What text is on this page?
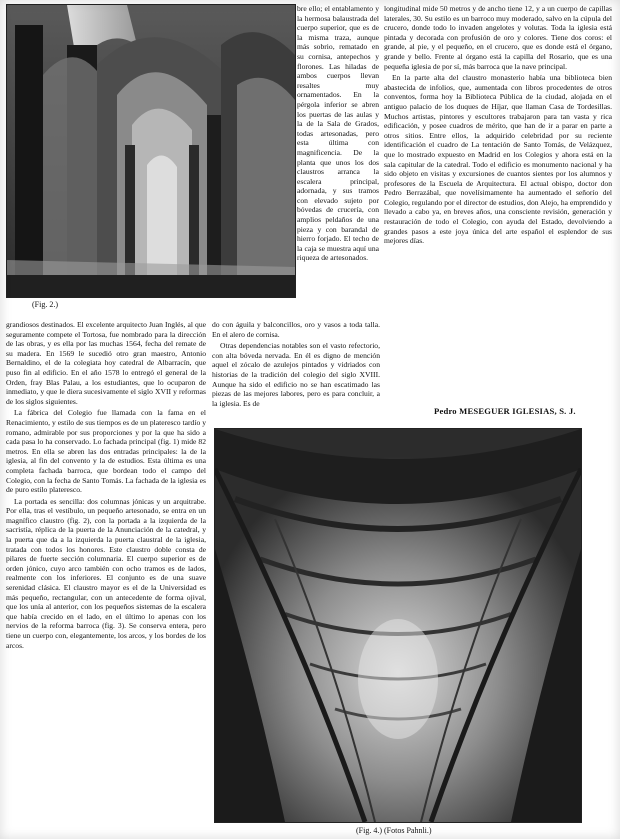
(Fig. 2.)

bre ello; el entablamento y la hermosa balaustrada del cuerpo superior, que es de la misma traza, aunque más sobrio, rematado en su cornisa, antepechos y florones. Las hiladas de ambos cuerpos llevan resaltes muy ornamentados. En la pérgola inferior se abren los puertas de las aulas y la de la Sala de Grados, todas artesonadas, pero esta última con magnificencia. De la planta que unos los dos claustros arranca la escalera principal, adornada, y sus tramos con elevado sujeto por bóvedas de crucería, con amplios peldaños de una pieza y con barandal de hierro forjado. El techo de la caja se muestra aquí una riqueza de artesonados.

longitudinal mide 50 metros y de ancho tiene 12, y a un cuerpo de capillas laterales, 30. Su estilo es un barroco muy moderado, salvo en la cúpula del crucero, donde todo lo invaden angelotes y volutas. Toda la iglesia está pintada y decorada con profusión de oro y colores. Tiene dos coros: el grande, al pie, y el pequeño, en el crucero, que es donde está el órgano, grande y bello. Frente al órgano está la capilla del Rosario, que es una pequeña iglesia de por sí, más barroca que la nave principal.

En la parte alta del claustro monasterio había una biblioteca bien abastecida de infolios, que, aumentada con libros procedentes de otros conventos, forma hoy la Biblioteca Pública de la ciudad, alojada en el antiguo palacio de los duques de Híjar, que llaman Casa de Tordesillas. Muchos artistas, pintores y escultores trabajaron para tan vasta y rica edificación, y posee cuadros de mérito, que han de ir a parar en parte a otros sitios. Entre ellos, la adquirido celebridad por su reciente identificación el cuadro de La tentación de Santo Tomás, de Velázquez, que lo mostrado expuesto en Madrid en los Colegios y ahora está en la sala capitular de la catedral. Todo el edificio es monumento nacional y ha sido objeto en visitas y excursiones de cuantos sientes por los alumnos y profesores de la Escuela de Arquitectura. El actual obispo, doctor don Pedro Berrazábal, que novelísimamente ha aumentado el señorío del Colegio, regulando por el director de estudios, don Alejo, ha emprendido y llevado a cabo ya, en breves años, una consciente revisión, generación y restauración de todo el Colegio, con ayuda del Estado, devolviendo a grandes pasos a este joya única del arte español el esplendor de sus mejores días.

Pedro MESEGUER IGLESIAS, S. J.

grandiosos destinados. El excelente arquitecto Juan Inglés, al que seguramente compete el Tortosa, fue nombrado para la dirección de las obras, y es ella por las muchas 1564, fecha del remate de su madera. En 1569 le sucedió otro gran maestro, Antonio Bernaldino, el de la colegiata hoy catedral de Albarracín, que puso fin al edificio. En el año 1578 lo entregó el general de la Orden, fray Blas Palau, a los estudiantes, que lo ocuparon de inmediato, y que le diera sucesivamente el siglo XVII y reformas de los siglos siguientes.

La fábrica del Colegio fue llamada con la fama en el Renacimiento, y estilo de sus tiempos es de un plateresco tardío y romano, admirable por sus proporciones y por la que ha sido a cada pasa lo ha conservado. Lo fachada principal (fig. 1) mide 82 metros. En ella se abren las dos entradas principales: la de la iglesia, al fin del convento y la de estudios. Esta última es una completa fachada barroca, que bordean todo el campo del Colegio, con la fecha de Santo Tomás. La fachada de la iglesia es de puro estilo plateresco.

La portada es sencilla: dos columnas jónicas y un arquitrabe. Por ella, tras el vestíbulo, un pequeño artesonado, se entra en un magnífico claustro (fig. 2), con la portada a la izquierda de la sacristía, réplica de la puerta de la Anunciación de la catedral, y la puerta que da a la izquierda la puerta claustral de la iglesia, tratada con todos los honores. Este claustro doble consta de pilares de fuerte sección columnaria. El cuerpo superior es de orden jónico, cuyo arco también con ocho tramos es de lados, realmente con los inferiores. El conjunto es de una suave serenidad clásica. El claustro mayor es el de la Universidad es más pequeño, rectangular, con un antecedente de forma ojival, que los unía al anterior, con los pequeños sistemas de la escalera que había crecido en el lado, en el último lo apenas con los nervios de la reforma barroca (fig. 3). Se conserva entera, pero tiene un cuerpo con, elegantemente, los arcos, y los bordes de los arcos.

do con águila y balconcillos, oro y vasos a toda talla. En el alero de cornisa.

Otras dependencias notables son el vasto refectorio, con alta bóveda nervada. En él es digno de mención aquel el zócalo de azulejos pintados y vidriados con historias de la tradición del colegio del siglo XVIII. Aunque ha sido el edificio no se han escatimado las piezas de las mejores labores, pero es para concluir, a la iglesia. Es de

(Fig. 4.) (Fotos Pahnli.)
